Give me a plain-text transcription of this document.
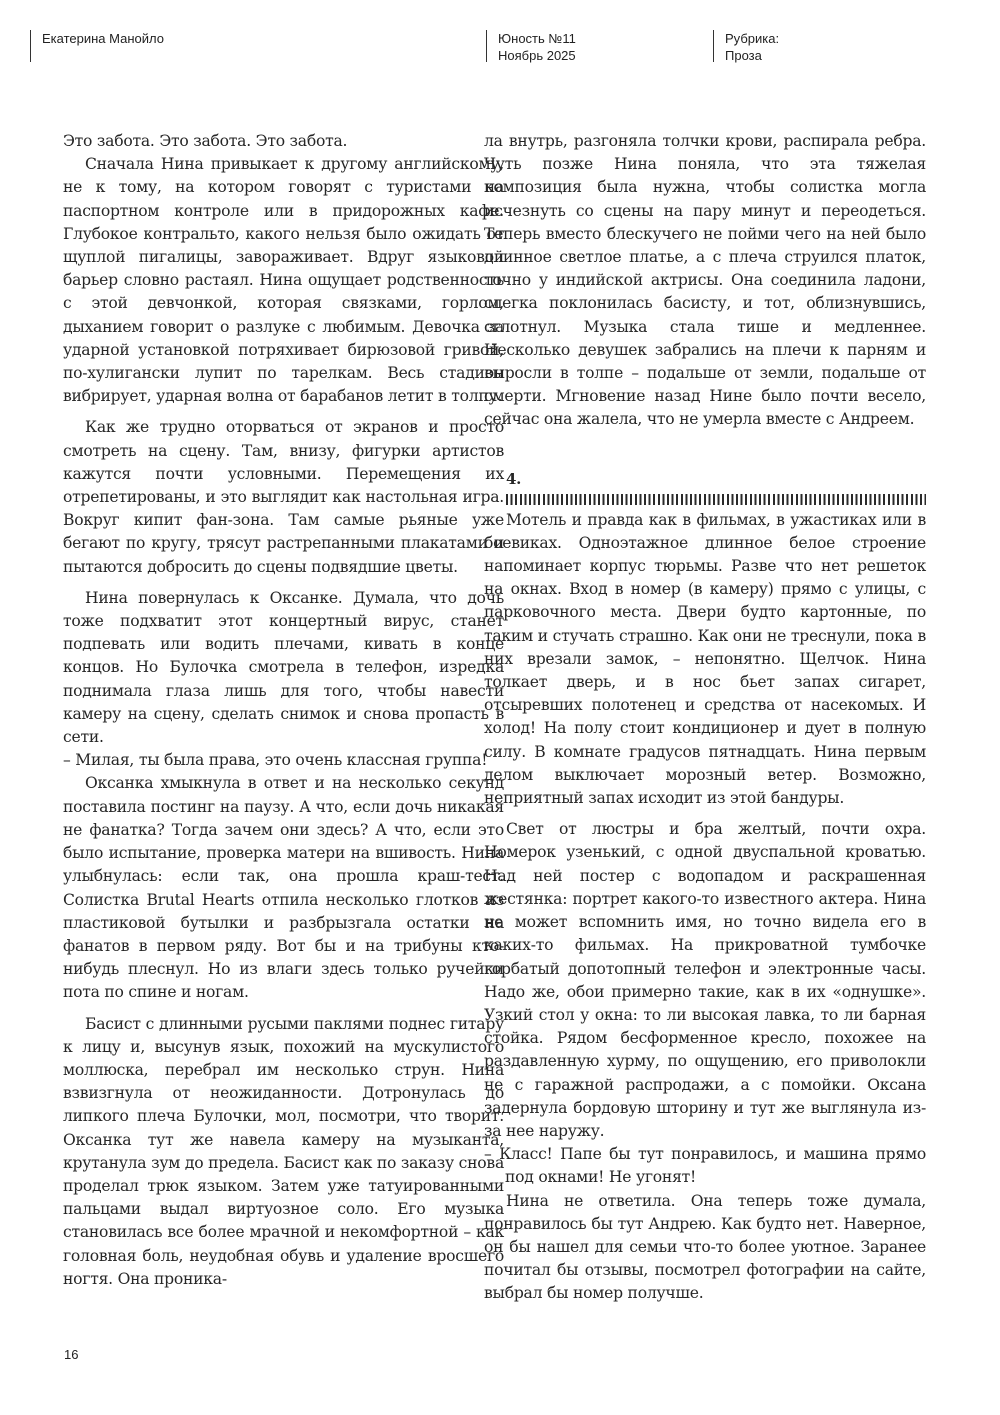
Екатерина Манойло	Юность №11
Ноябрь 2025
Рубрика:
Проза

Это забота. Это забота. Это забота.

Сначала Нина привыкает к другому английскому, не к тому, на котором говорят с туристами на паспортном контроле или в придорожных кафе. Глубокое контральто, какого нельзя было ожидать от щуплой пигалицы, завораживает. Вдруг языковой барьер словно растаял. Нина ощущает родственность с этой девчонкой, которая связками, горлом, дыханием говорит о разлуке с любимым. Девочка за ударной установкой потряхивает бирюзовой гривой, по-хулигански лупит по тарелкам. Весь стадион вибрирует, ударная волна от барабанов летит в толпу.

Как же трудно оторваться от экранов и просто смотреть на сцену. Там, внизу, фигурки артистов кажутся почти условными. Перемещения их отрепетированы, и это выглядит как настольная игра. Вокруг кипит фан-зона. Там самые рьяные уже бегают по кругу, трясут растрепанными плакатами и пытаются добросить до сцены подвядшие цветы.

Нина повернулась к Оксанке. Думала, что дочь тоже подхватит этот концертный вирус, станет подпевать или водить плечами, кивать в конце концов. Но Булочка смотрела в телефон, изредка поднимала глаза лишь для того, чтобы навести камеру на сцену, сделать снимок и снова пропасть в сети.

– Милая, ты была права, это очень классная группа!

Оксанка хмыкнула в ответ и на несколько секунд поставила постинг на паузу. А что, если дочь никакая не фанатка? Тогда зачем они здесь? А что, если это было испытание, проверка матери на вшивость. Нина улыбнулась: если так, она прошла краш-тест. Солистка Brutal Hearts отпила несколько глотков из пластиковой бутылки и разбрызгала остатки на фанатов в первом ряду. Вот бы и на трибуны кто-нибудь плеснул. Но из влаги здесь только ручейки пота по спине и ногам.

Басист с длинными русыми паклями поднес гитару к лицу и, высунув язык, похожий на мускулистого моллюска, перебрал им несколько струн. Нина взвизгнула от неожиданности. Дотронулась до липкого плеча Булочки, мол, посмотри, что творит. Оксанка тут же навела камеру на музыканта, крутанула зум до предела. Басист как по заказу снова проделал трюк языком. Затем уже татуированными пальцами выдал виртуозное соло. Его музыка становилась все более мрачной и некомфортной – как головная боль, неудобная обувь и удаление вросшего ногтя. Она проника-

ла внутрь, разгоняла толчки крови, распирала ребра. Чуть позже Нина поняла, что эта тяжелая композиция была нужна, чтобы солистка могла исчезнуть со сцены на пару минут и переодеться. Теперь вместо блескучего не пойми чего на ней было длинное светлое платье, а с плеча струился платок, точно у индийской актрисы. Она соединила ладони, слегка поклонилась басисту, и тот, облизнувшись, сглотнул. Музыка стала тише и медленнее. Несколько девушек забрались на плечи к парням и выросли в толпе – подальше от земли, подальше от смерти. Мгновение назад Нине было почти весело, сейчас она жалела, что не умерла вместе с Андреем.

4.

Мотель и правда как в фильмах, в ужастиках или в боевиках. Одноэтажное длинное белое строение напоминает корпус тюрьмы. Разве что нет решеток на окнах. Вход в номер (в камеру) прямо с улицы, с парковочного места. Двери будто картонные, по таким и стучать страшно. Как они не треснули, пока в них врезали замок, – непонятно. Щелчок. Нина толкает дверь, и в нос бьет запах сигарет, отсыревших полотенец и средства от насекомых. И холод! На полу стоит кондиционер и дует в полную силу. В комнате градусов пятнадцать. Нина первым делом выключает морозный ветер. Возможно, неприятный запах исходит из этой бандуры.

Свет от люстры и бра желтый, почти охра. Номерок узенький, с одной двуспальной кроватью. Над ней постер с водопадом и раскрашенная жестянка: портрет какого-то известного актера. Нина не может вспомнить имя, но точно видела его в каких-то фильмах. На прикроватной тумбочке горбатый допотопный телефон и электронные часы. Надо же, обои примерно такие, как в их «однушке». Узкий стол у окна: то ли высокая лавка, то ли барная стойка. Рядом бесформенное кресло, похожее на раздавленную хурму, по ощущению, его приволокли не с гаражной распродажи, а с помойки. Оксана задернула бордовую шторину и тут же выглянула из-за нее наружу.

– Класс! Папе бы тут понравилось, и машина прямо под окнами! Не угонят!

Нина не ответила. Она теперь тоже думала, понравилось бы тут Андрею. Как будто нет. Наверное, он бы нашел для семьи что-то более уютное. Заранее почитал бы отзывы, посмотрел фотографии на сайте, выбрал бы номер получше.

16
